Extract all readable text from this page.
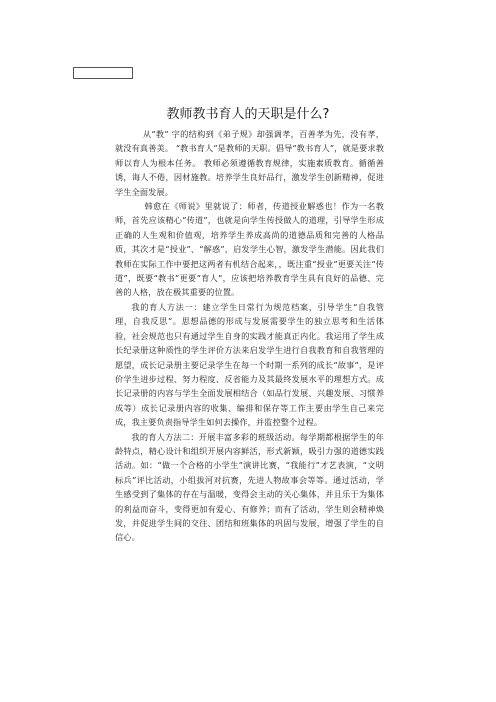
教师教书育人的天职是什么?

从“教” 字的结构到《弟子规》却强调孝，百善孝为先，没有孝，就没有真善美。 “教书育人”是教师的天职。倡导“教书育人”，就是要求教师以育人为根本任务。 教师必须遵循教育规律，实施素质教育。循循善诱，诲人不倦，因材施教。培养学生良好品行，激发学生创新精神，促进学生全面发展。

韩愈在《师说》里就说了：师者，传道授业解惑也！作为一名教师，首先应该精心“传道”，也就是向学生传授做人的道理，引导学生形成正确的人生观和价值观，培养学生养成高尚的道德品质和完善的人格品质，其次才是“授业”、“解惑”，启发学生心智，激发学生潜能。因此我们教师在实际工作中要把这两者有机结合起来，，既注重“授业”更要关注“传道”，既要“教书”更要“育人”，应该把培养教育学生具有良好的品德、完善的人格，放在极其重要的位置。

我的育人方法一：建立学生日常行为规范档案，引导学生“自我管理，自我反思”。思想品德的形成与发展需要学生的独立思考和生活体验，社会规范也只有通过学生自身的实践才能真正内化。我运用了学生成长纪录册这种质性的学生评价方法来启发学生进行自我教育和自我管理的愿望，成长记录册主要记录学生在每一个时期一系列的成长“故事”，是评价学生进步过程、努力程度、反省能力及其最终发展水平的理想方式。成长记录册的内容与学生全面发展相结合（如品行发展、兴趣发展、习惯养成等）成长记录册内容的收集、编排和保存等工作主要由学生自己来完成，我主要负责指导学生如何去操作，并监控整个过程。

我的育人方法二：开展丰富多彩的班级活动。每学期都根据学生的年龄特点，精心设计和组织开展内容鲜活，形式新颖，吸引力强的道德实践活动。如：“做一个合格的小学生”演讲比赛，“我能行”才艺表演，“文明标兵”评比活动，小组拔河对抗赛，先进人物故事会等等。通过活动，学生感受到了集体的存在与温暖，变得会主动的关心集体，并且乐于为集体的利益而奋斗，变得更加有爱心、有修养；而有了活动，学生则会精神焕发，并促进学生间的交往、团结和班集体的巩固与发展，增强了学生的自信心。
